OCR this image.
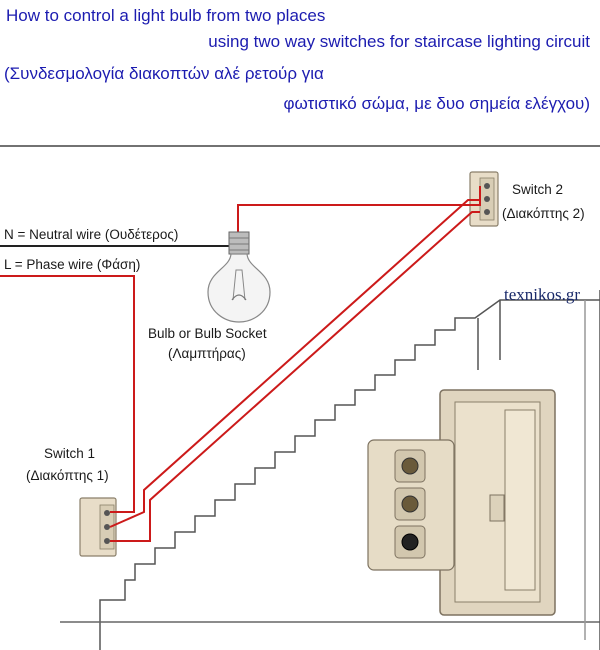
How to control a light bulb from two places
using two way switches for staircase lighting circuit
(Συνδεσμολογία διακοπτών αλέ ρετούρ για
φωτιστικό σώμα, με δυο σημεία ελέγχου)
N = Neutral wire (Ουδέτερος)
L = Phase wire (Φάση)
Bulb or Bulb Socket
(Λαμπτήρας)
Switch 2
(Διακόπτης 2)
Switch 1
(Διακόπτης 1)
texnikos.gr
